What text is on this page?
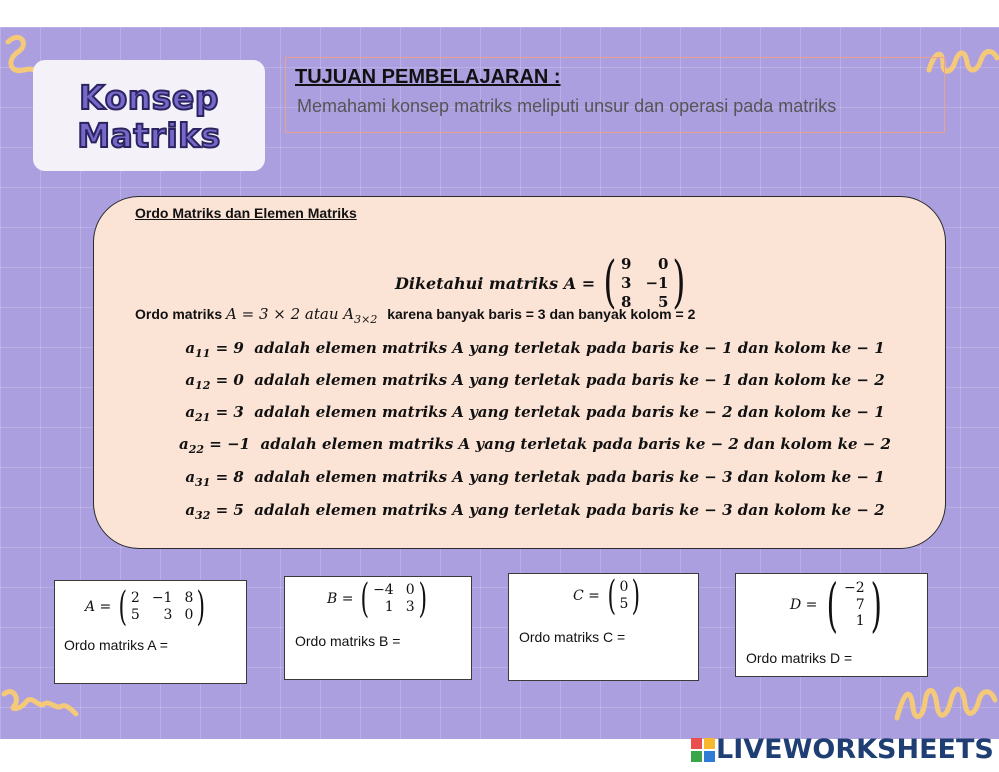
Konsep
Matriks
TUJUAN PEMBELAJARAN :
Memahami konsep matriks meliputi unsur dan operasi pada matriks
Ordo Matriks dan Elemen Matriks
Diketahui matriks A = ( 9	0
3 −1
8	5 )
Ordo matriks A = 3 × 2 atau $A_{3\times 2}$ karena banyak baris = 3 dan banyak kolom = 2
$a_{11} = 9$  adalah elemen matriks A yang terletak pada baris ke − 1 dan kolom ke − 1
$a_{12} = 0$  adalah elemen matriks A yang terletak pada baris ke − 1 dan kolom ke − 2
$a_{21} = 3$  adalah elemen matriks A yang terletak pada baris ke − 2 dan kolom ke − 1
$a_{22} = -1$  adalah elemen matriks A yang terletak pada baris ke − 2 dan kolom ke − 2
$a_{31} = 8$  adalah elemen matriks A yang terletak pada baris ke − 3 dan kolom ke − 1
$a_{32} = 5$  adalah elemen matriks A yang terletak pada baris ke − 3 dan kolom ke − 2
A = ( 2 −1 8
5	3 0 )
Ordo matriks A =
B = ( −4 0
1 3 )
Ordo matriks B =
C = ( 0
5 )
Ordo matriks C =
D = ( −2
7
1 )
Ordo matriks D =
LIVEWORKSHEETS
